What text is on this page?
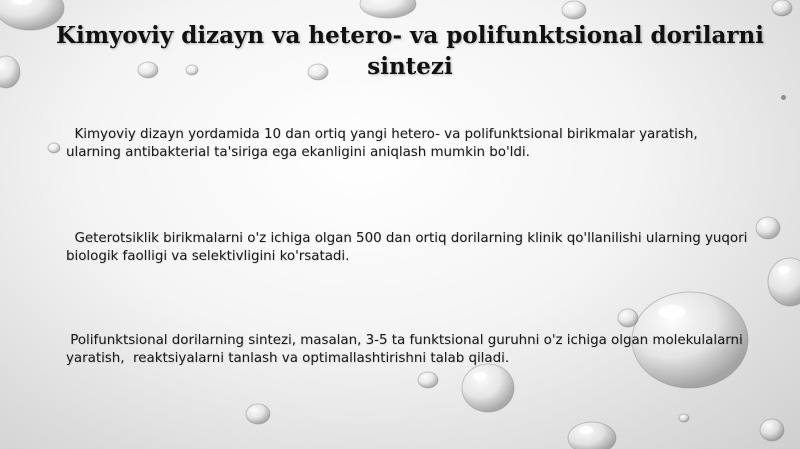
Kimyoviy dizayn va hetero- va polifunktsional dorilarni sintezi
Kimyoviy dizayn yordamida 10 dan ortiq yangi hetero- va polifunktsional birikmalar yaratish, ularning antibakterial ta'siriga ega ekanligini aniqlash mumkin bo'ldi.
Geterotsiklik birikmalarni o'z ichiga olgan 500 dan ortiq dorilarning klinik qo'llanilishi ularning yuqori biologik faolligi va selektivligini ko'rsatadi.
Polifunktsional dorilarning sintezi, masalan, 3-5 ta funktsional guruhni o'z ichiga olgan molekulalarni yaratish,  reaktsiyalarni tanlash va optimallashtirishni talab qiladi.
